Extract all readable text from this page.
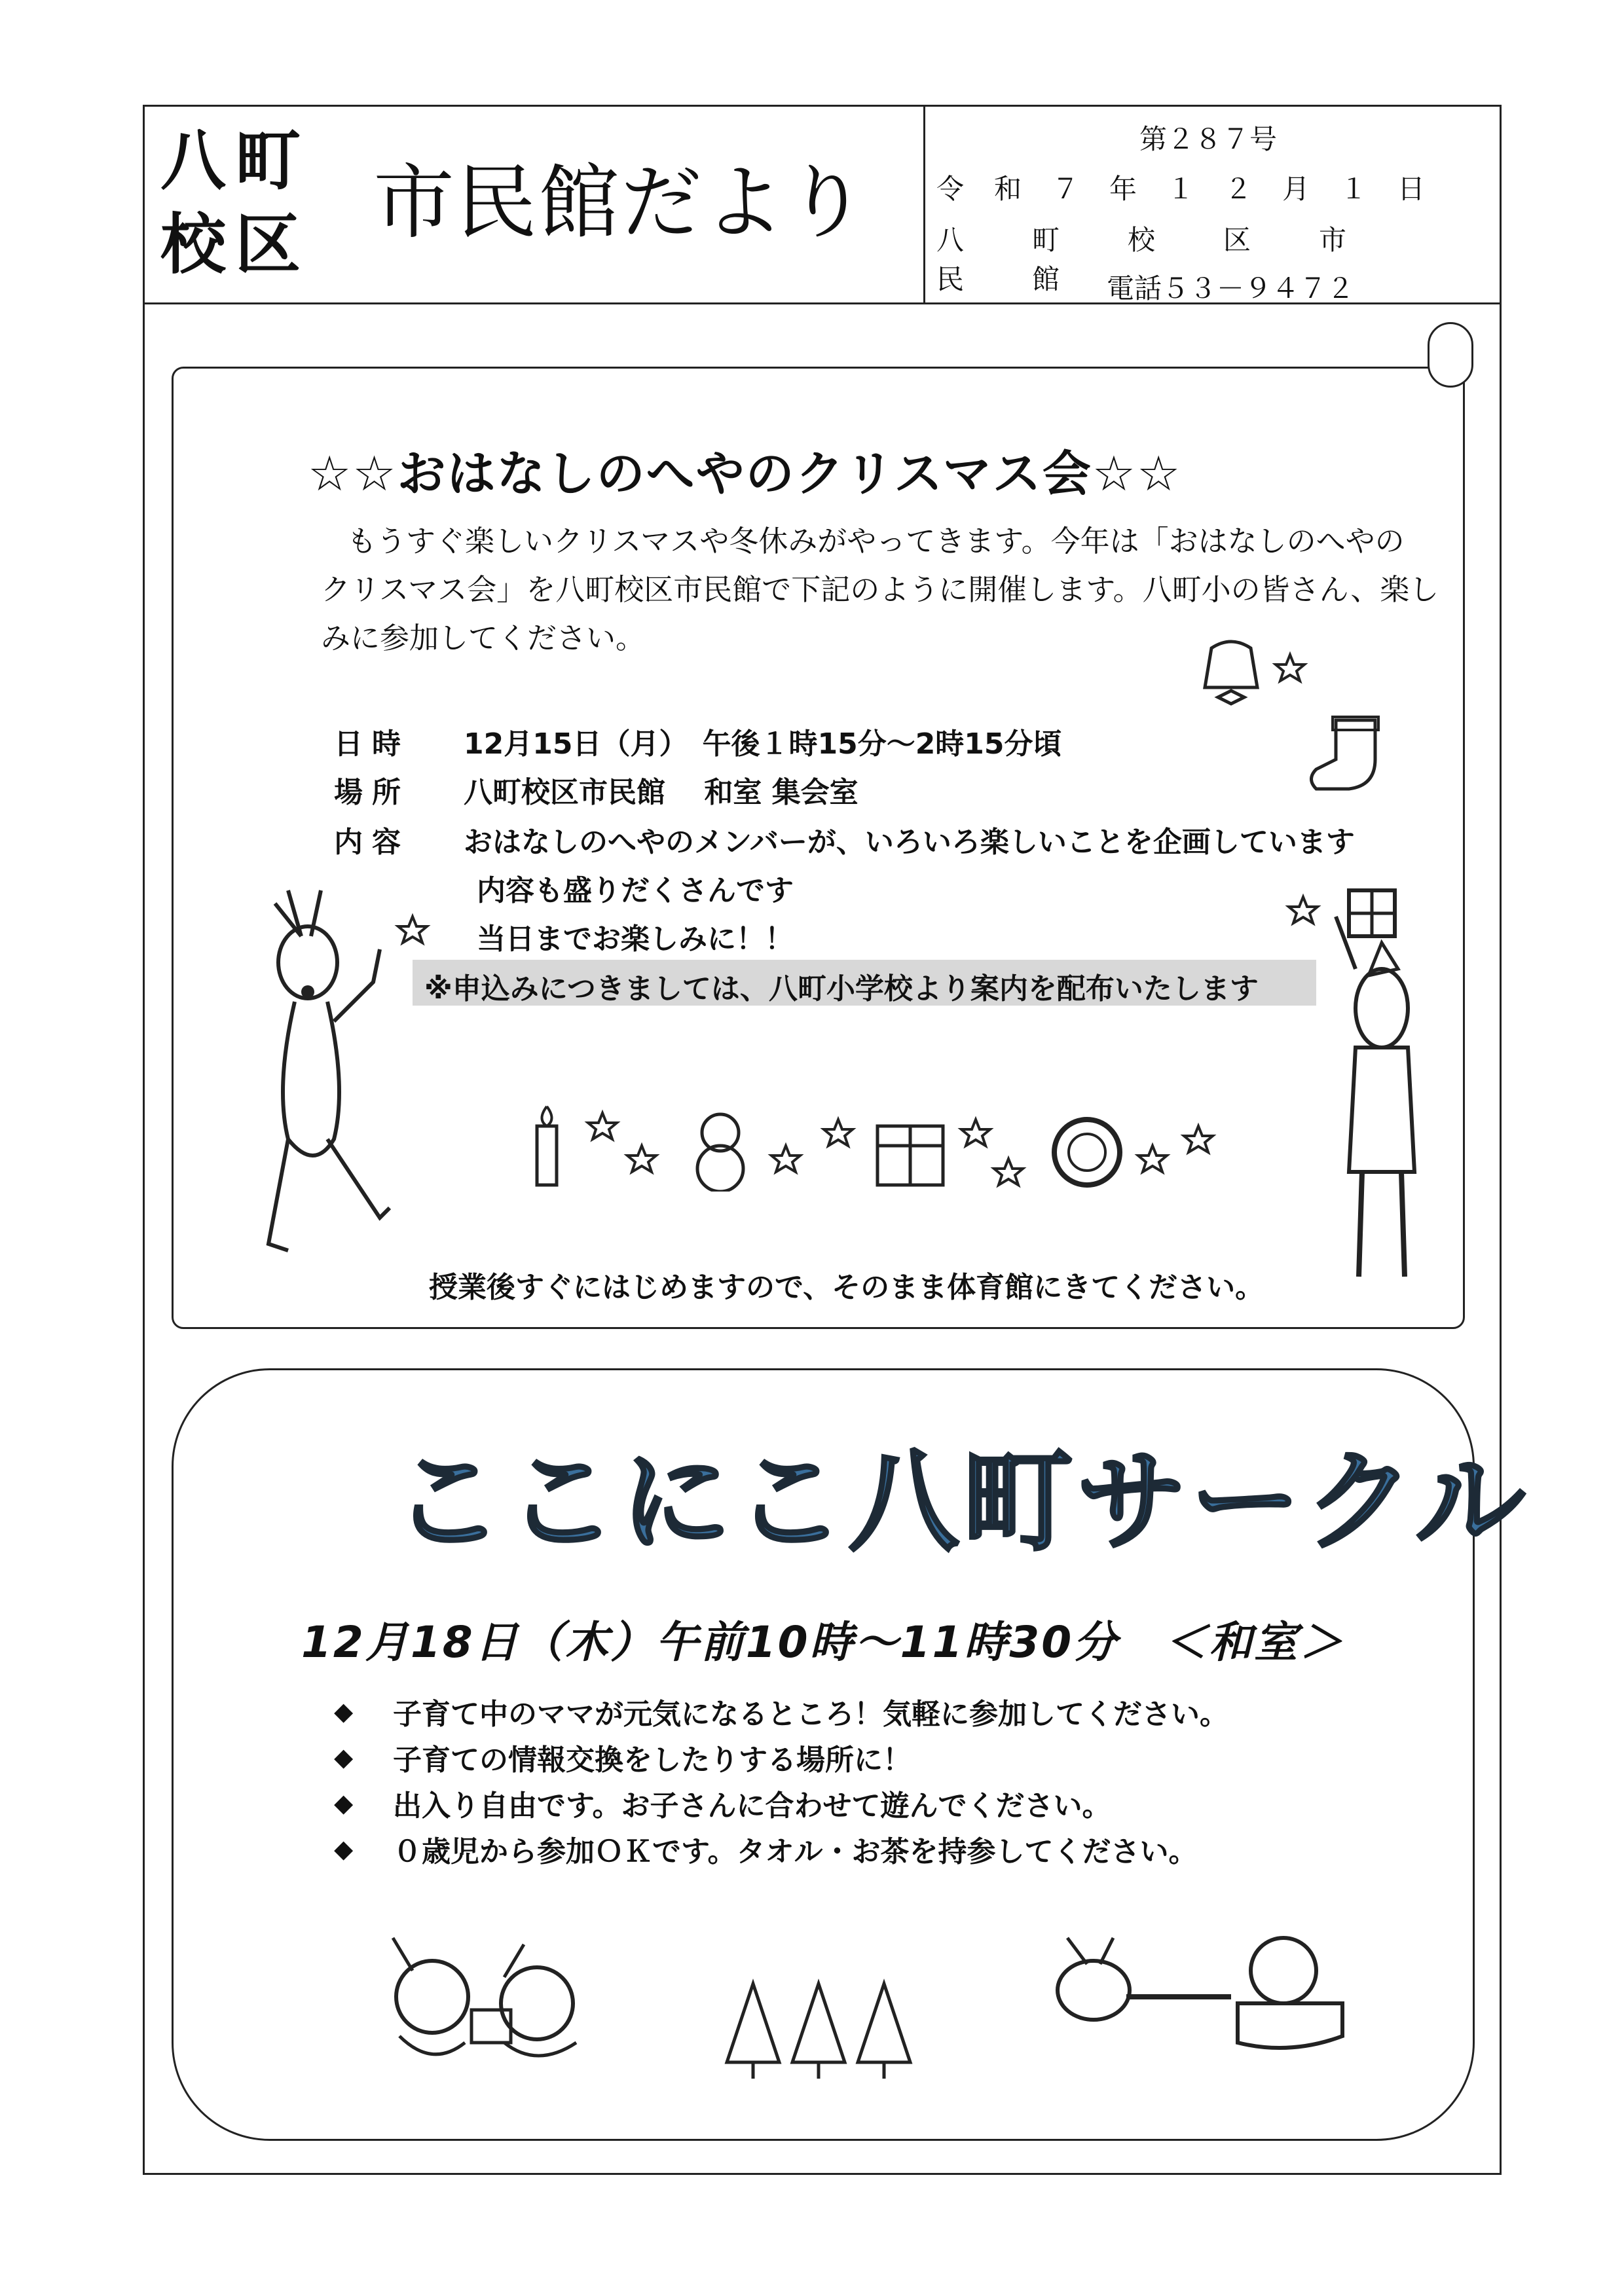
八町
校区 市民館だより
第２８７号
令和７年１２月１日
八町校区市民館
電話５３－９４７２
☆☆おはなしのへやのクリスマス会☆☆
もうすぐ楽しいクリスマスや冬休みがやってきます。今年は「おはなしのへやの
クリスマス会」を八町校区市民館で下記のように開催します。八町小の皆さん、楽し
みに参加してください。
日時 12月15日（月）　午後１時15分～2時15分頃
場所 八町校区市民館　 和室 集会室
内容 おはなしのへやのメンバーが、いろいろ楽しいことを企画しています
内容も盛りだくさんです
当日までお楽しみに！！
※申込みにつきましては、八町小学校より案内を配布いたします
授業後すぐにはじめますので、そのまま体育館にきてください。
ここにこ八町サークル
12月18日（木）午前10時～11時30分　＜和室＞
◆	子育て中のママが元気になるところ！気軽に参加してください。
◆	子育ての情報交換をしたりする場所に！
◆	出入り自由です。お子さんに合わせて遊んでください。
◆	０歳児から参加ＯＫです。タオル・お茶を持参してください。
